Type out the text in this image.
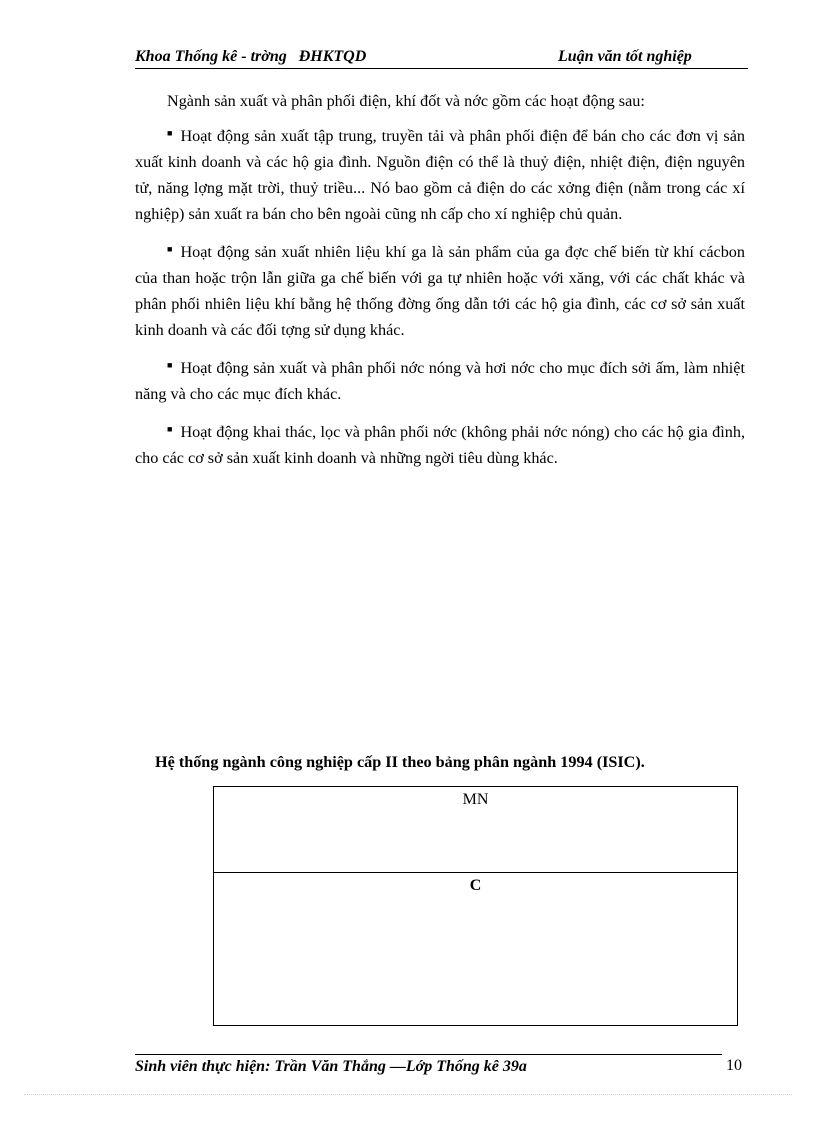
Khoa Thống kê - trờng   ĐHKTQD	Luận văn tốt nghiệp

Ngành sản xuất và phân phối điện, khí đốt và nớc gồm các hoạt động sau:

■ Hoạt động sản xuất tập trung, truyền tải và phân phối điện để bán cho các đơn vị sản xuất kinh doanh và các hộ gia đình. Nguồn điện có thể là thuỷ điện, nhiệt điện, điện nguyên tử, năng lợng mặt trời, thuỷ triều... Nó bao gồm cả điện do các xởng điện (nằm trong các xí nghiệp) sản xuất ra bán cho bên ngoài cũng nh cấp cho xí nghiệp chủ quản.

■ Hoạt động sản xuất nhiên liệu khí ga là sản phẩm của ga đợc chế biến từ khí cácbon của than hoặc trộn lẫn giữa ga chế biến với ga tự nhiên hoặc với xăng, với các chất khác và phân phối nhiên liệu khí bằng hệ thống đờng ống dẫn tới các hộ gia đình, các cơ sở sản xuất kinh doanh và các đối tợng sử dụng khác.

■ Hoạt động sản xuất và phân phối nớc nóng và hơi nớc cho mục đích sởi ấm, làm nhiệt năng và cho các mục đích khác.

■ Hoạt động khai thác, lọc và phân phối nớc (không phải nớc nóng) cho các hộ gia đình, cho các cơ sở sản xuất kinh doanh và những ngời tiêu dùng khác.

Hệ thống ngành công nghiệp cấp II theo bảng phân ngành 1994 (ISIC).
MN
C
Sinh viên thực hiện: Trần Văn Thắng —Lớp Thống kê 39a	10
